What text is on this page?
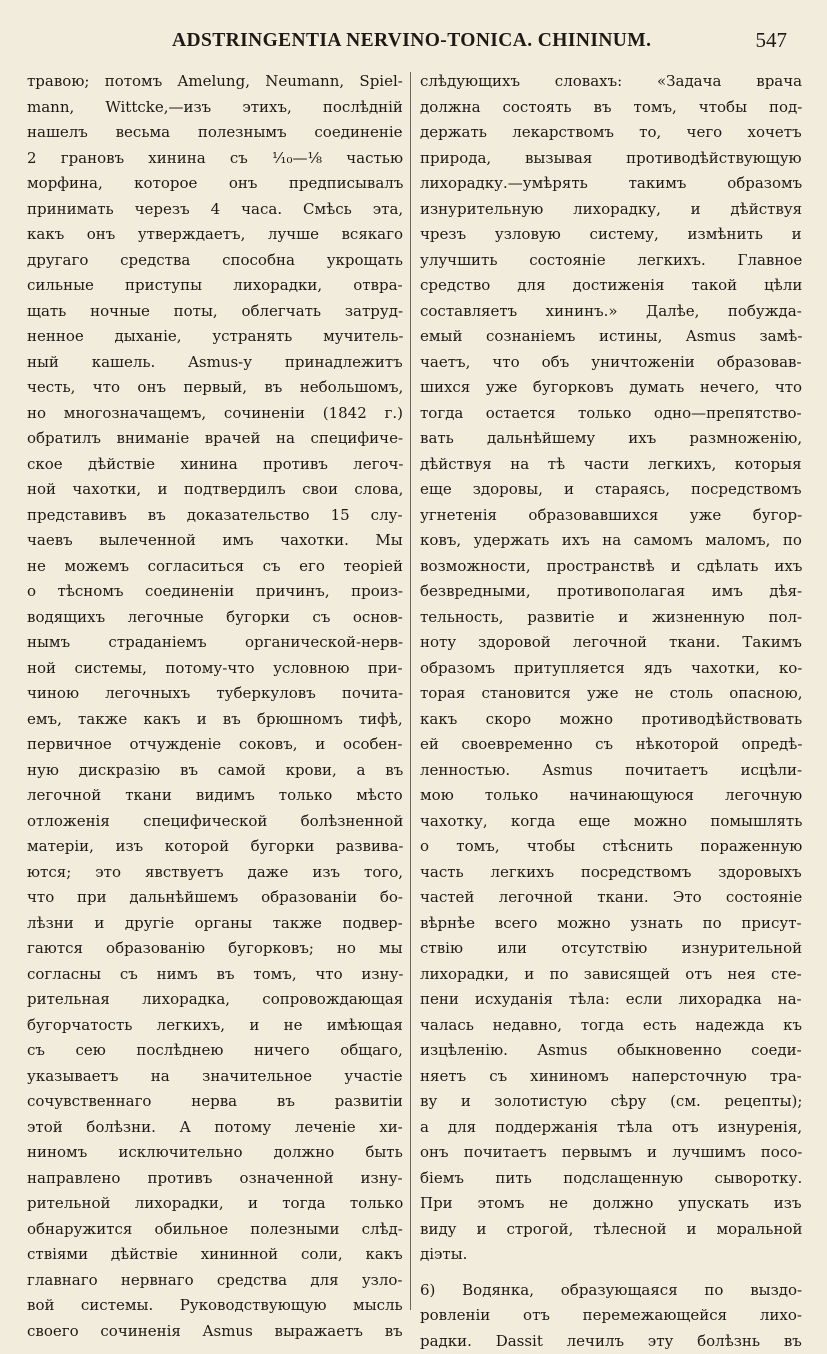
ADSTRINGENTIA NERVINO-TONICA. CHININUM.	547
травою; потомъ Amelung, Neumann, Spiel-
mann, Wittcke,—изъ этихъ, послѣдній
нашелъ весьма полезнымъ соединеніе
2 грановъ хинина съ ¹⁄₁₀—⅛ частью
морфина, которое онъ предписывалъ
принимать черезъ 4 часа. Смѣсь эта,
какъ онъ утверждаетъ, лучше всякаго
другаго средства способна укрощать
сильные приступы лихорадки, отвра-
щать ночные поты, облегчать затруд-
ненное дыханіе, устранять мучитель-
ный кашель. Asmus-у принадлежитъ
честь, что онъ первый, въ небольшомъ,
но многозначащемъ, сочиненіи (1842 г.)
обратилъ вниманіе врачей на специфиче-
ское дѣйствіе хинина противъ легоч-
ной чахотки, и подтвердилъ свои слова,
представивъ въ доказательство 15 слу-
чаевъ вылеченной имъ чахотки. Мы
не можемъ согласиться съ его теоріей
о тѣсномъ соединеніи причинъ, произ-
водящихъ легочные бугорки съ основ-
нымъ страданіемъ органической-нерв-
ной системы, потому-что условною при-
чиною легочныхъ туберкуловъ почита-
емъ, также какъ и въ брюшномъ тифѣ,
первичное отчужденіе соковъ, и особен-
ную дискразію въ самой крови, а въ
легочной ткани видимъ только мѣсто
отложенія специфической болѣзненной
матеріи, изъ которой бугорки развива-
ются; это явствуетъ даже изъ того,
что при дальнѣйшемъ образованіи бо-
лѣзни и другіе органы также подвер-
гаются образованію бугорковъ; но мы
согласны съ нимъ въ томъ, что изну-
рительная лихорадка, сопровождающая
бугорчатость легкихъ, и не имѣющая
съ сею послѣднею ничего общаго,
указываетъ на значительное участіе
сочувственнаго нерва въ развитіи
этой болѣзни. А потому леченіе хи-
ниномъ исключительно должно быть
направлено противъ означенной изну-
рительной лихорадки, и тогда только
обнаружится обильное полезными слѣд-
ствіями дѣйствіе хининной соли, какъ
главнаго нервнаго средства для узло-
вой системы. Руководствующую мысль
своего сочиненія Asmus выражаетъ въ
слѣдующихъ словахъ: «Задача врача
должна состоять въ томъ, чтобы под-
держать лекарствомъ то, чего хочетъ
природа, вызывая противодѣйствующую
лихорадку.—умѣрять такимъ образомъ
изнурительную лихорадку, и дѣйствуя
чрезъ узловую систему, измѣнить и
улучшить состояніе легкихъ. Главное
средство для достиженія такой цѣли
составляетъ хининъ.» Далѣе, побужда-
емый сознаніемъ истины, Asmus замѣ-
чаетъ, что объ уничтоженіи образовав-
шихся уже бугорковъ думать нечего, что
тогда остается только одно—препятство-
вать дальнѣйшему ихъ размноженію,
дѣйствуя на тѣ части легкихъ, которыя
еще здоровы, и стараясь, посредствомъ
угнетенія образовавшихся уже бугор-
ковъ, удержать ихъ на самомъ маломъ, по
возможности, пространствѣ и сдѣлать ихъ
безвредными, противополагая имъ дѣя-
тельность, развитіе и жизненную пол-
ноту здоровой легочной ткани. Такимъ
образомъ притупляется ядъ чахотки, ко-
торая становится уже не столь опасною,
какъ скоро можно противодѣйствовать
ей своевременно съ нѣкоторой опредѣ-
ленностью. Asmus почитаетъ исцѣли-
мою только начинающуюся легочную
чахотку, когда еще можно помышлять
о томъ, чтобы стѣснить пораженную
часть легкихъ посредствомъ здоровыхъ
частей легочной ткани. Это состояніе
вѣрнѣе всего можно узнать по присут-
ствію или отсутствію изнурительной
лихорадки, и по зависящей отъ нея сте-
пени исхуданія тѣла: если лихорадка на-
чалась недавно, тогда есть надежда къ
изцѣленію. Asmus обыкновенно соеди-
няетъ съ хининомъ наперсточную тра-
ву и золотистую сѣру (см. рецепты);
а для поддержанія тѣла отъ изнуренія,
онъ почитаетъ первымъ и лучшимъ посо-
біемъ пить подслащенную сыворотку.
При этомъ не должно упускать изъ
виду и строгой, тѣлесной и моральной
діэты.
6) Водянка, образующаяся по выздо-
ровленіи отъ перемежающейся лихо-
радки. Dassit лечилъ эту болѣзнь въ
